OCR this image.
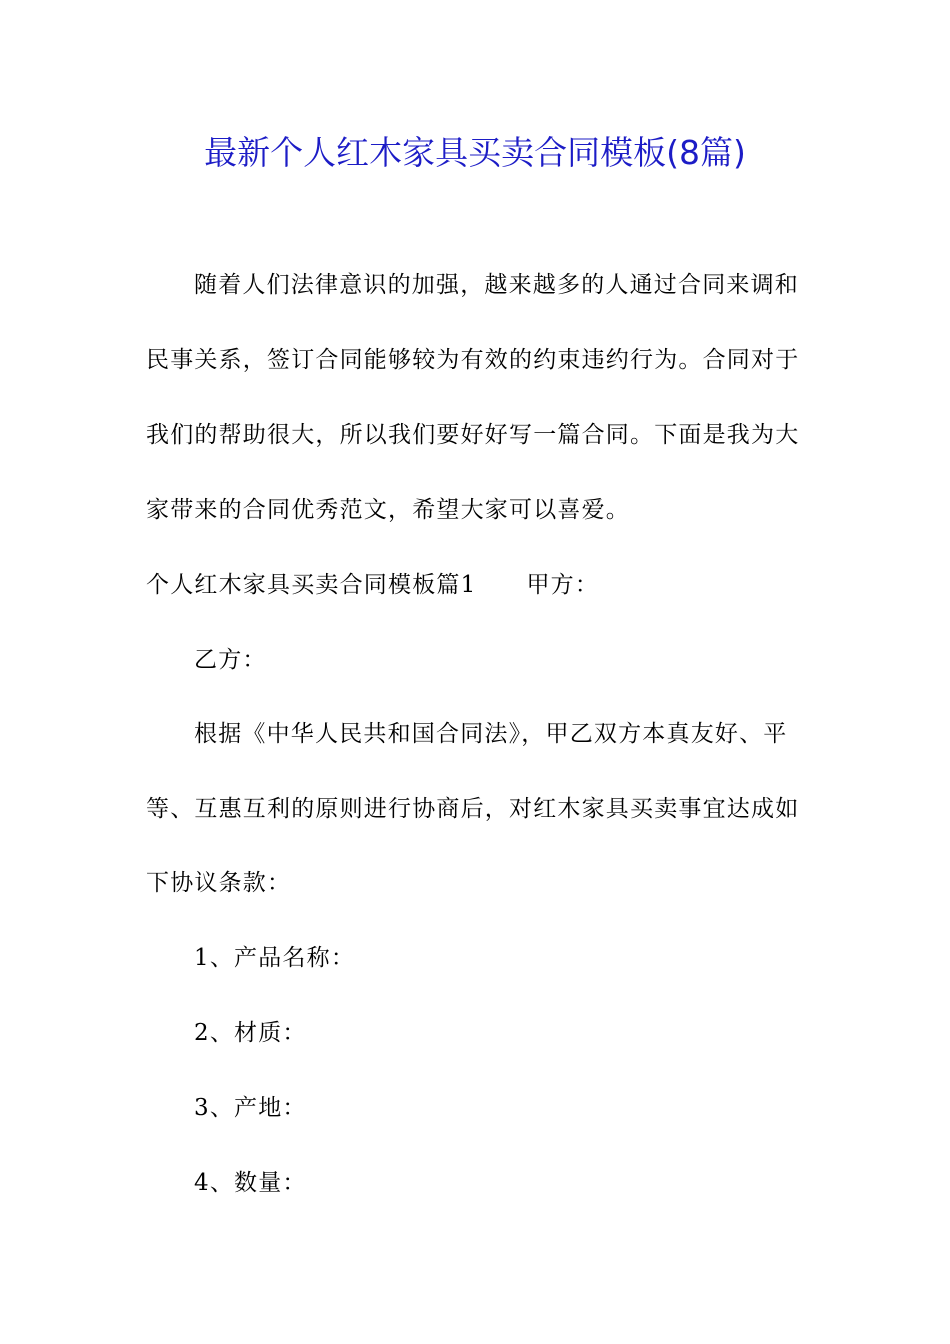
最新个人红木家具买卖合同模板(8篇)
随着人们法律意识的加强，越来越多的人通过合同来调和
民事关系，签订合同能够较为有效的约束违约行为。合同对于
我们的帮助很大，所以我们要好好写一篇合同。下面是我为大
家带来的合同优秀范文，希望大家可以喜爱。
个人红木家具买卖合同模板篇1 甲方：
乙方：
根据《中华人民共和国合同法》，甲乙双方本真友好、平
等、互惠互利的原则进行协商后，对红木家具买卖事宜达成如
下协议条款：
1、产品名称：
2、材质：
3、产地：
4、数量：
